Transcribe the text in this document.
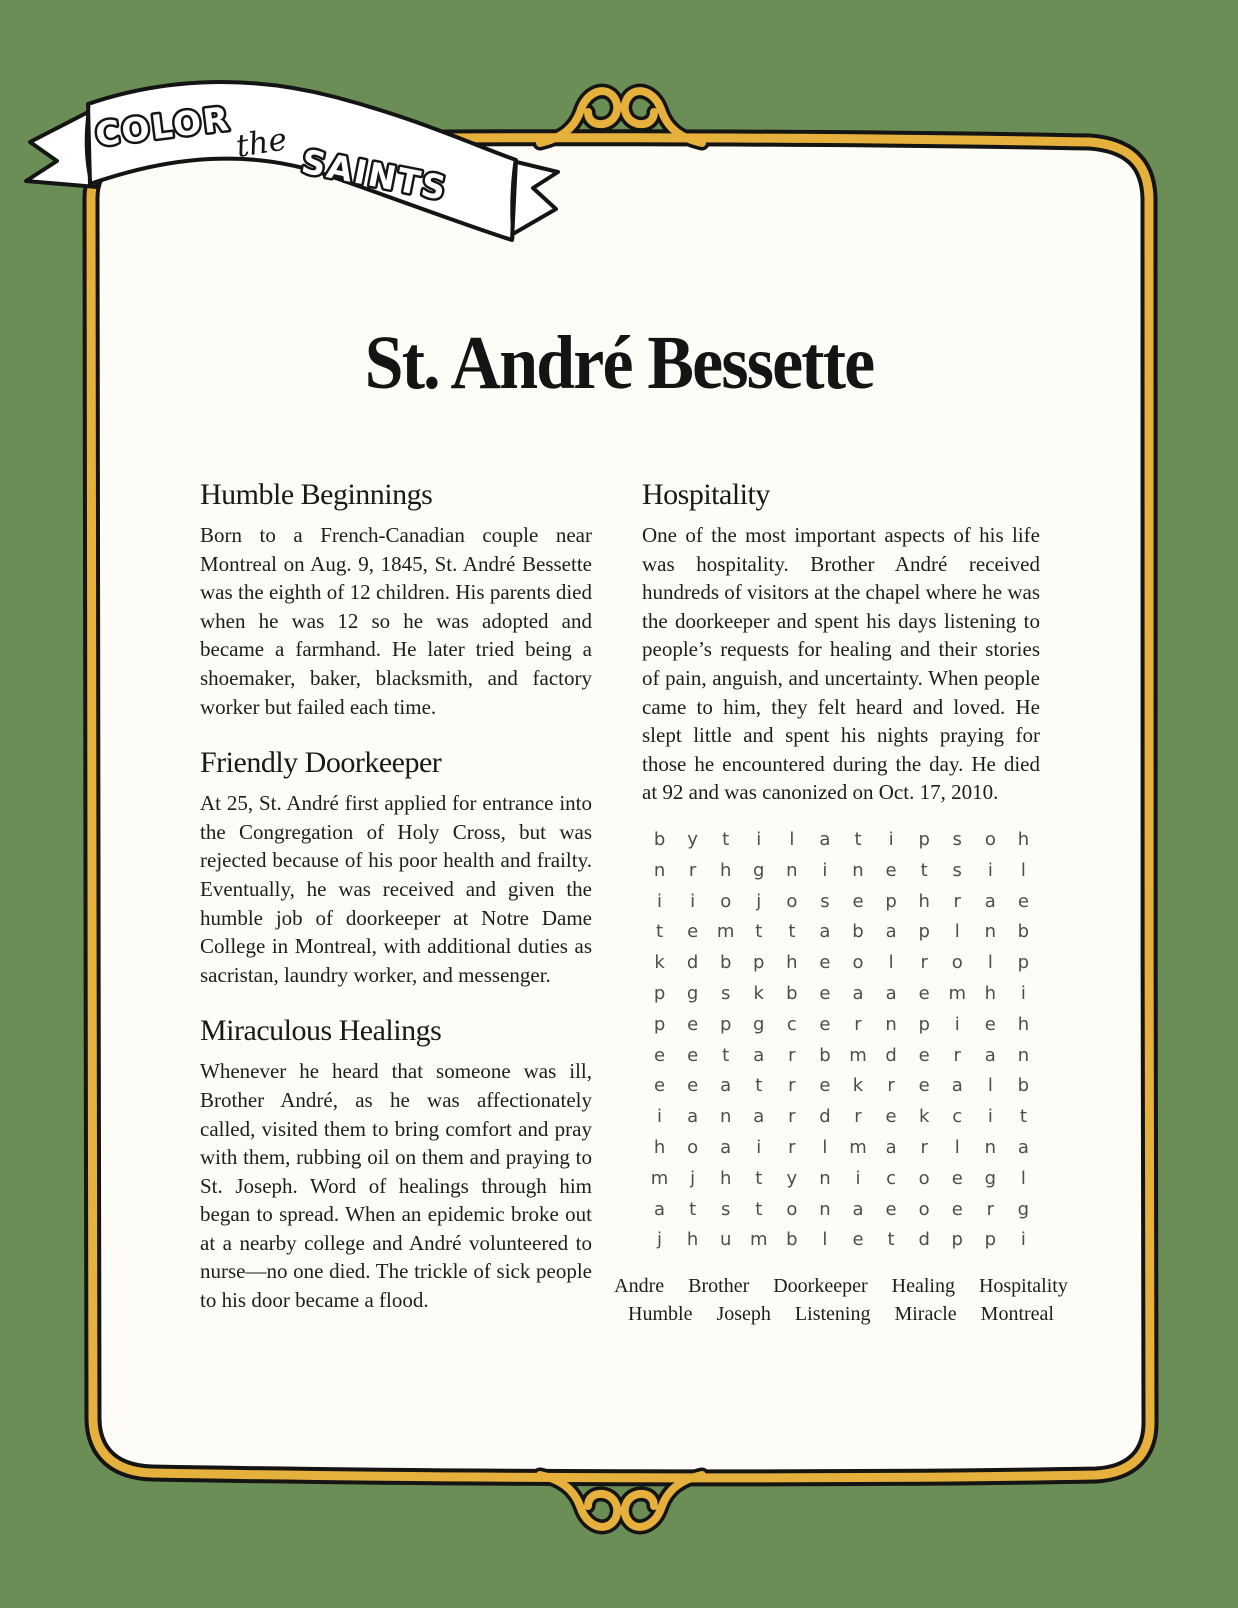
COLOR the SAINTS
St. André Bessette
Humble Beginnings

Born to a French-Canadian couple near Montreal on Aug. 9, 1845, St. André Bessette was the eighth of 12 children. His parents died when he was 12 so he was adopted and became a farmhand. He later tried being a shoemaker, baker, blacksmith, and factory worker but failed each time.

Friendly Doorkeeper

At 25, St. André first applied for entrance into the Congregation of Holy Cross, but was rejected because of his poor health and frailty. Eventually, he was received and given the humble job of doorkeeper at Notre Dame College in Montreal, with additional duties as sacristan, laundry worker, and messenger.

Miraculous Healings

Whenever he heard that someone was ill, Brother André, as he was affectionately called, visited them to bring comfort and pray with them, rubbing oil on them and praying to St. Joseph. Word of healings through him began to spread. When an epidemic broke out at a nearby college and André volunteered to nurse—no one died. The trickle of sick people to his door became a flood.

Hospitality

One of the most important aspects of his life was hospitality. Brother André received hundreds of visitors at the chapel where he was the doorkeeper and spent his days listening to people’s requests for healing and their stories of pain, anguish, and uncertainty. When people came to him, they felt heard and loved. He slept little and spent his nights praying for those he encountered during the day. He died at 92 and was canonized on Oct. 17, 2010.

b	y	t	i	l	a	t	i	p	s	o	h
n	r	h	g	n	i	n	e	t	s	i	l
i	i	o	j	o	s	e	p	h	r	a	e
t	e	m	t	t	a	b	a	p	l	n	b
k	d	b	p	h	e	o	l	r	o	l	p
p	g	s	k	b	e	a	a	e	m	h	i
p	e	p	g	c	e	r	n	p	i	e	h
e	e	t	a	r	b	m	d	e	r	a	n
e	e	a	t	r	e	k	r	e	a	l	b
i	a	n	a	r	d	r	e	k	c	i	t
h	o	a	i	r	l	m	a	r	l	n	a
m	j	h	t	y	n	i	c	o	e	g	l
a	t	s	t	o	n	a	e	o	e	r	g
j	h	u	m	b	l	e	t	d	p	p	i
Andre Brother Doorkeeper Healing Hospitality
Humble Joseph Listening Miracle Montreal
